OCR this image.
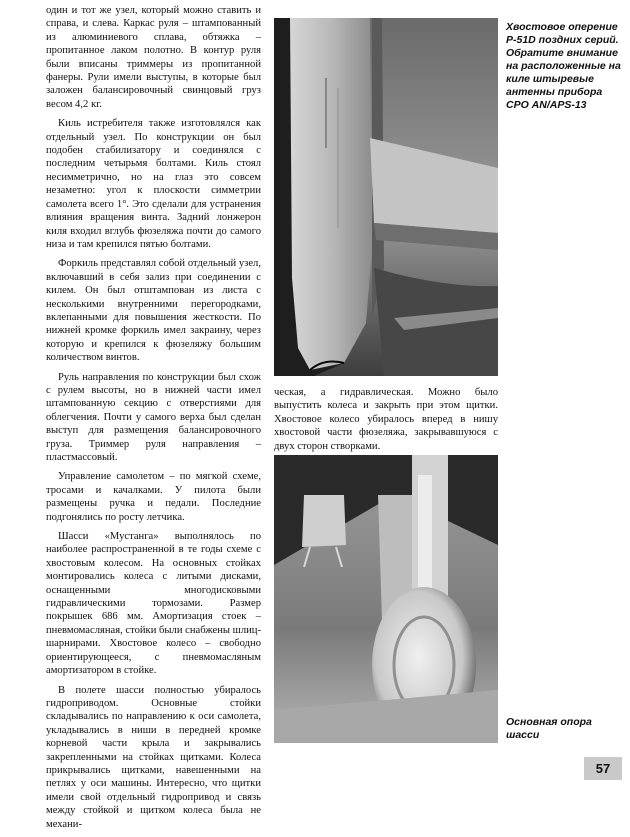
один и тот же узел, который можно ставить и справа, и слева. Каркас руля – штампованный из алюминиевого сплава, обтяжка – пропитанное лаком полотно. В контур руля были вписаны триммеры из пропитанной фанеры. Рули имели выступы, в которые был заложен балансировочный свинцовый груз весом 4,2 кг.

Киль истребителя также изготовлялся как отдельный узел. По конструкции он был подобен стабилизатору и соединялся с последним четырьмя болтами. Киль стоял несимметрично, но на глаз это совсем незаметно: угол к плоскости симметрии самолета всего 1°. Это сделали для устранения влияния вращения винта. Задний лонжерон киля входил вглубь фюзеляжа почти до самого низа и там крепился пятью болтами.

Форкиль представлял собой отдельный узел, включавший в себя зализ при соединении с килем. Он был отштампован из листа с несколькими внутренними перегородками, вклепанными для повышения жесткости. По нижней кромке форкиль имел закраину, через которую и крепился к фюзеляжу большим количеством винтов.

Руль направления по конструкции был схож с рулем высоты, но в нижней части имел штампованную секцию с отверстиями для облегчения. Почти у самого верха был сделан выступ для размещения балансировочного груза. Триммер руля направления – пластмассовый.

Управление самолетом – по мягкой схеме, тросами и качалками. У пилота были размещены ручка и педали. Последние подгонялись по росту летчика.

Шасси «Мустанга» выполнялось по наиболее распространенной в те годы схеме с хвостовым колесом. На основных стойках монтировались колеса с литыми дисками, оснащенными многодисковыми гидравлическими тормозами. Размер покрышек 686 мм. Амортизация стоек – пневмомасляная, стойки были снабжены шлиц-шарнирами. Хвостовое колесо – свободно ориентирующееся, с пневмомасляным амортизатором в стойке.

В полете шасси полностью убиралось гидроприводом. Основные стойки складывались по направлению к оси самолета, укладывались в ниши в передней кромке корневой части крыла и закрывались закрепленными на стойках щитками. Колеса прикрывались щитками, навешенными на петлях у оси машины. Интересно, что щитки имели свой отдельный гидропривод и связь между стойкой и щитком колеса была не механи-

Хвостовое оперение P-51D поздних серий. Обратите внимание на расположенные на киле штыревые антенны прибора СРО AN/APS-13

ческая, а гидравлическая. Можно было выпустить колеса и закрыть при этом щитки. Хвостовое колесо убиралось вперед в нишу хвостовой части фюзеляжа, закрывавшуюся с двух сторон створками.

Основная опора шасси
57
